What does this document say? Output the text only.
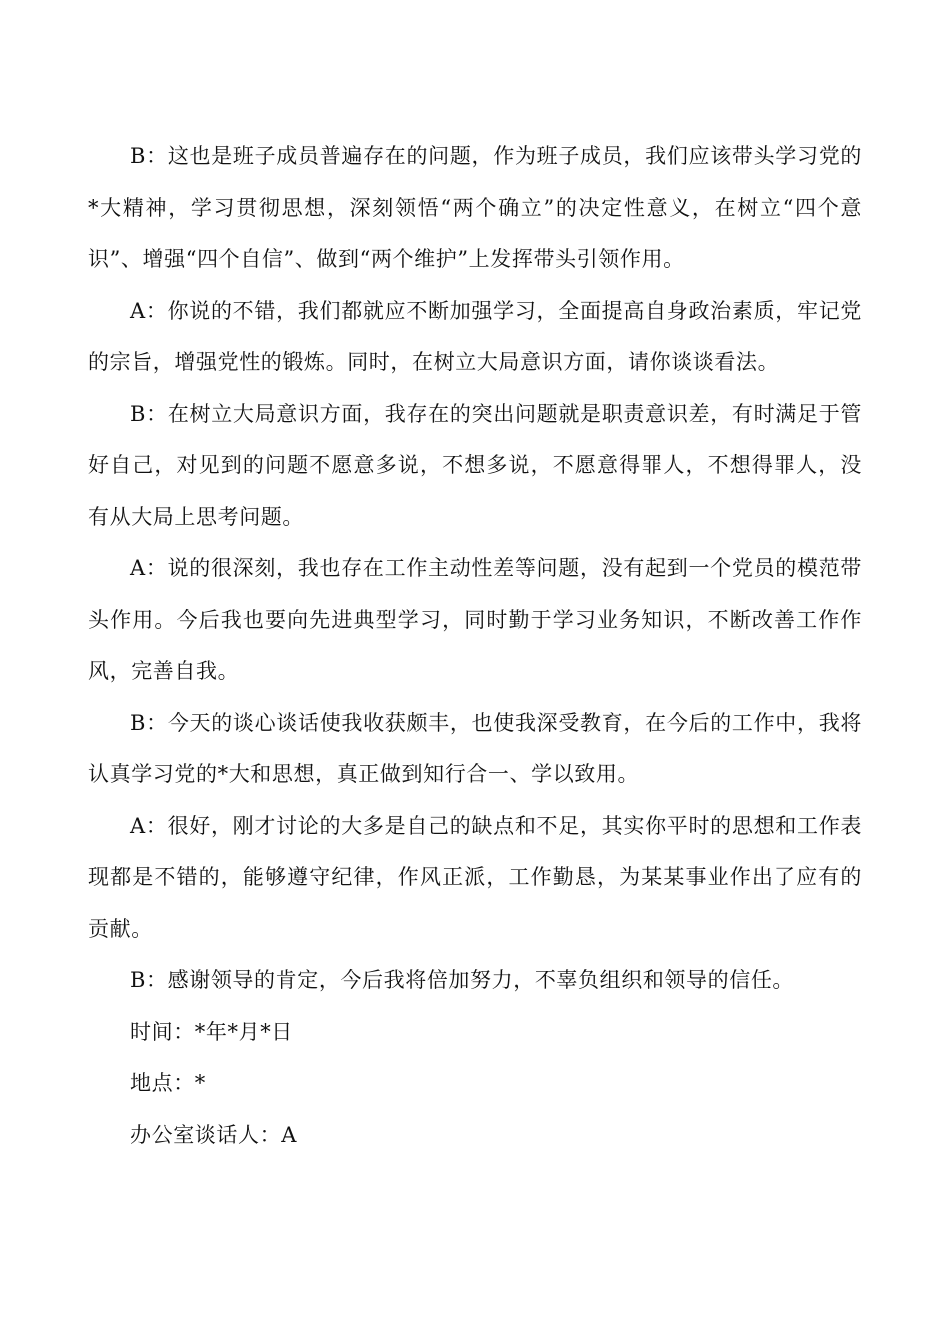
B：这也是班子成员普遍存在的问题，作为班子成员，我们应该带头学习党的*大精神，学习贯彻思想，深刻领悟“两个确立”的决定性意义，在树立“四个意识”、增强“四个自信”、做到“两个维护”上发挥带头引领作用。

A：你说的不错，我们都就应不断加强学习，全面提高自身政治素质，牢记党的宗旨，增强党性的锻炼。同时，在树立大局意识方面，请你谈谈看法。

B：在树立大局意识方面，我存在的突出问题就是职责意识差，有时满足于管好自己，对见到的问题不愿意多说，不想多说，不愿意得罪人，不想得罪人，没有从大局上思考问题。

A：说的很深刻，我也存在工作主动性差等问题，没有起到一个党员的模范带头作用。今后我也要向先进典型学习，同时勤于学习业务知识，不断改善工作作风，完善自我。

B：今天的谈心谈话使我收获颇丰，也使我深受教育，在今后的工作中，我将认真学习党的*大和思想，真正做到知行合一、学以致用。

A：很好，刚才讨论的大多是自己的缺点和不足，其实你平时的思想和工作表现都是不错的，能够遵守纪律，作风正派，工作勤恳，为某某事业作出了应有的贡献。

B：感谢领导的肯定，今后我将倍加努力，不辜负组织和领导的信任。

时间：*年*月*日

地点：*

办公室谈话人：A
